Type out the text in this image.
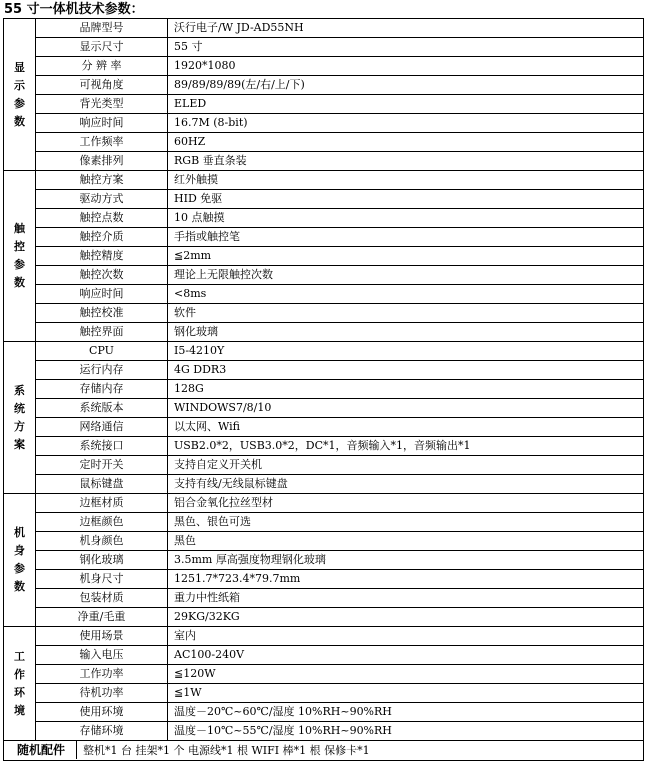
55 寸一体机技术参数：
显
示
参
数	品牌型号	沃行电子/W JD-AD55NH
	显示尺寸	55 寸
	分 辨 率	1920*1080
	可视角度	89/89/89/89(左/右/上/下)
	背光类型	ELED
	响应时间	16.7M (8-bit)
	工作频率	60HZ
	像素排列	RGB 垂直条装

触
控
参
数	触控方案	红外触摸
	驱动方式	HID 免驱
	触控点数	10 点触摸
	触控介质	手指或触控笔
	触控精度	≦2mm
	触控次数	理论上无限触控次数
	响应时间	<8ms
	触控校准	软件
	触控界面	钢化玻璃

系
统
方
案	CPU	I5-4210Y
	运行内存	4G DDR3
	存储内存	128G
	系统版本	WINDOWS7/8/10
	网络通信	以太网、Wifi
	系统接口	USB2.0*2，USB3.0*2，DC*1，音频输入*1，音频输出*1
	定时开关	支持自定义开关机
	鼠标键盘	支持有线/无线鼠标键盘

机
身
参
数	边框材质	铝合金氧化拉丝型材
	边框颜色	黑色、银色可选
	机身颜色	黑色
	钢化玻璃	3.5mm 厚高强度物理钢化玻璃
	机身尺寸	1251.7*723.4*79.7mm
	包装材质	重力中性纸箱
	净重/毛重	29KG/32KG

工
作
环
境	使用场景	室内
	输入电压	AC100-240V
	工作功率	≦120W
	待机功率	≦1W
	使用环境	温度－20℃~60℃/湿度 10%RH~90%RH
	存储环境	温度－10℃~55℃/湿度 10%RH~90%RH
随机配件 整机*1 台 挂架*1 个 电源线*1 根 WIFI 棒*1 根 保修卡*1		
